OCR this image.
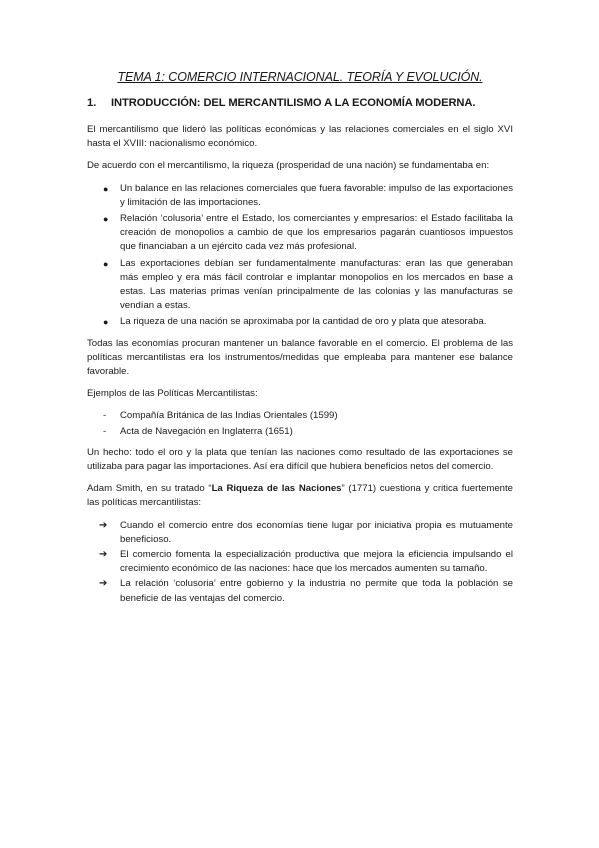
TEMA 1: COMERCIO INTERNACIONAL. TEORÍA Y EVOLUCIÓN.
1. INTRODUCCIÓN: DEL MERCANTILISMO A LA ECONOMÍA MODERNA.

El mercantilismo que lideró las políticas económicas y las relaciones comerciales en el siglo XVI hasta el XVIII: nacionalismo económico.

De acuerdo con el mercantilismo, la riqueza (prosperidad de una nación) se fundamentaba en:

● Un balance en las relaciones comerciales que fuera favorable: impulso de las exportaciones y limitación de las importaciones.
● Relación ‘colusoria’ entre el Estado, los comerciantes y empresarios: el Estado facilitaba la creación de monopolios a cambio de que los empresarios pagarán cuantiosos impuestos que financiaban a un ejército cada vez más profesional.
● Las exportaciones debían ser fundamentalmente manufacturas: eran las que generaban más empleo y era más fácil controlar e implantar monopolios en los mercados en base a estas. Las materias primas venían principalmente de las colonias y las manufacturas se vendían a estas.
● La riqueza de una nación se aproximaba por la cantidad de oro y plata que atesoraba.

Todas las economías procuran mantener un balance favorable en el comercio. El problema de las políticas mercantilistas era los instrumentos/medidas que empleaba para mantener ese balance favorable.

Ejemplos de las Políticas Mercantilistas:

- Compañía Británica de las Indias Orientales (1599)
- Acta de Navegación en Inglaterra (1651)

Un hecho: todo el oro y la plata que tenían las naciones como resultado de las exportaciones se utilizaba para pagar las importaciones. Así era difícil que hubiera beneficios netos del comercio.

Adam Smith, en su tratado “La Riqueza de las Naciones” (1771) cuestiona y critica fuertemente las políticas mercantilistas:

➔ Cuando el comercio entre dos economías tiene lugar por iniciativa propia es mutuamente beneficioso.
➔ El comercio fomenta la especialización productiva que mejora la eficiencia impulsando el crecimiento económico de las naciones: hace que los mercados aumenten su tamaño.
➔ La relación ‘colusoria’ entre gobierno y la industria no permite que toda la población se beneficie de las ventajas del comercio.
